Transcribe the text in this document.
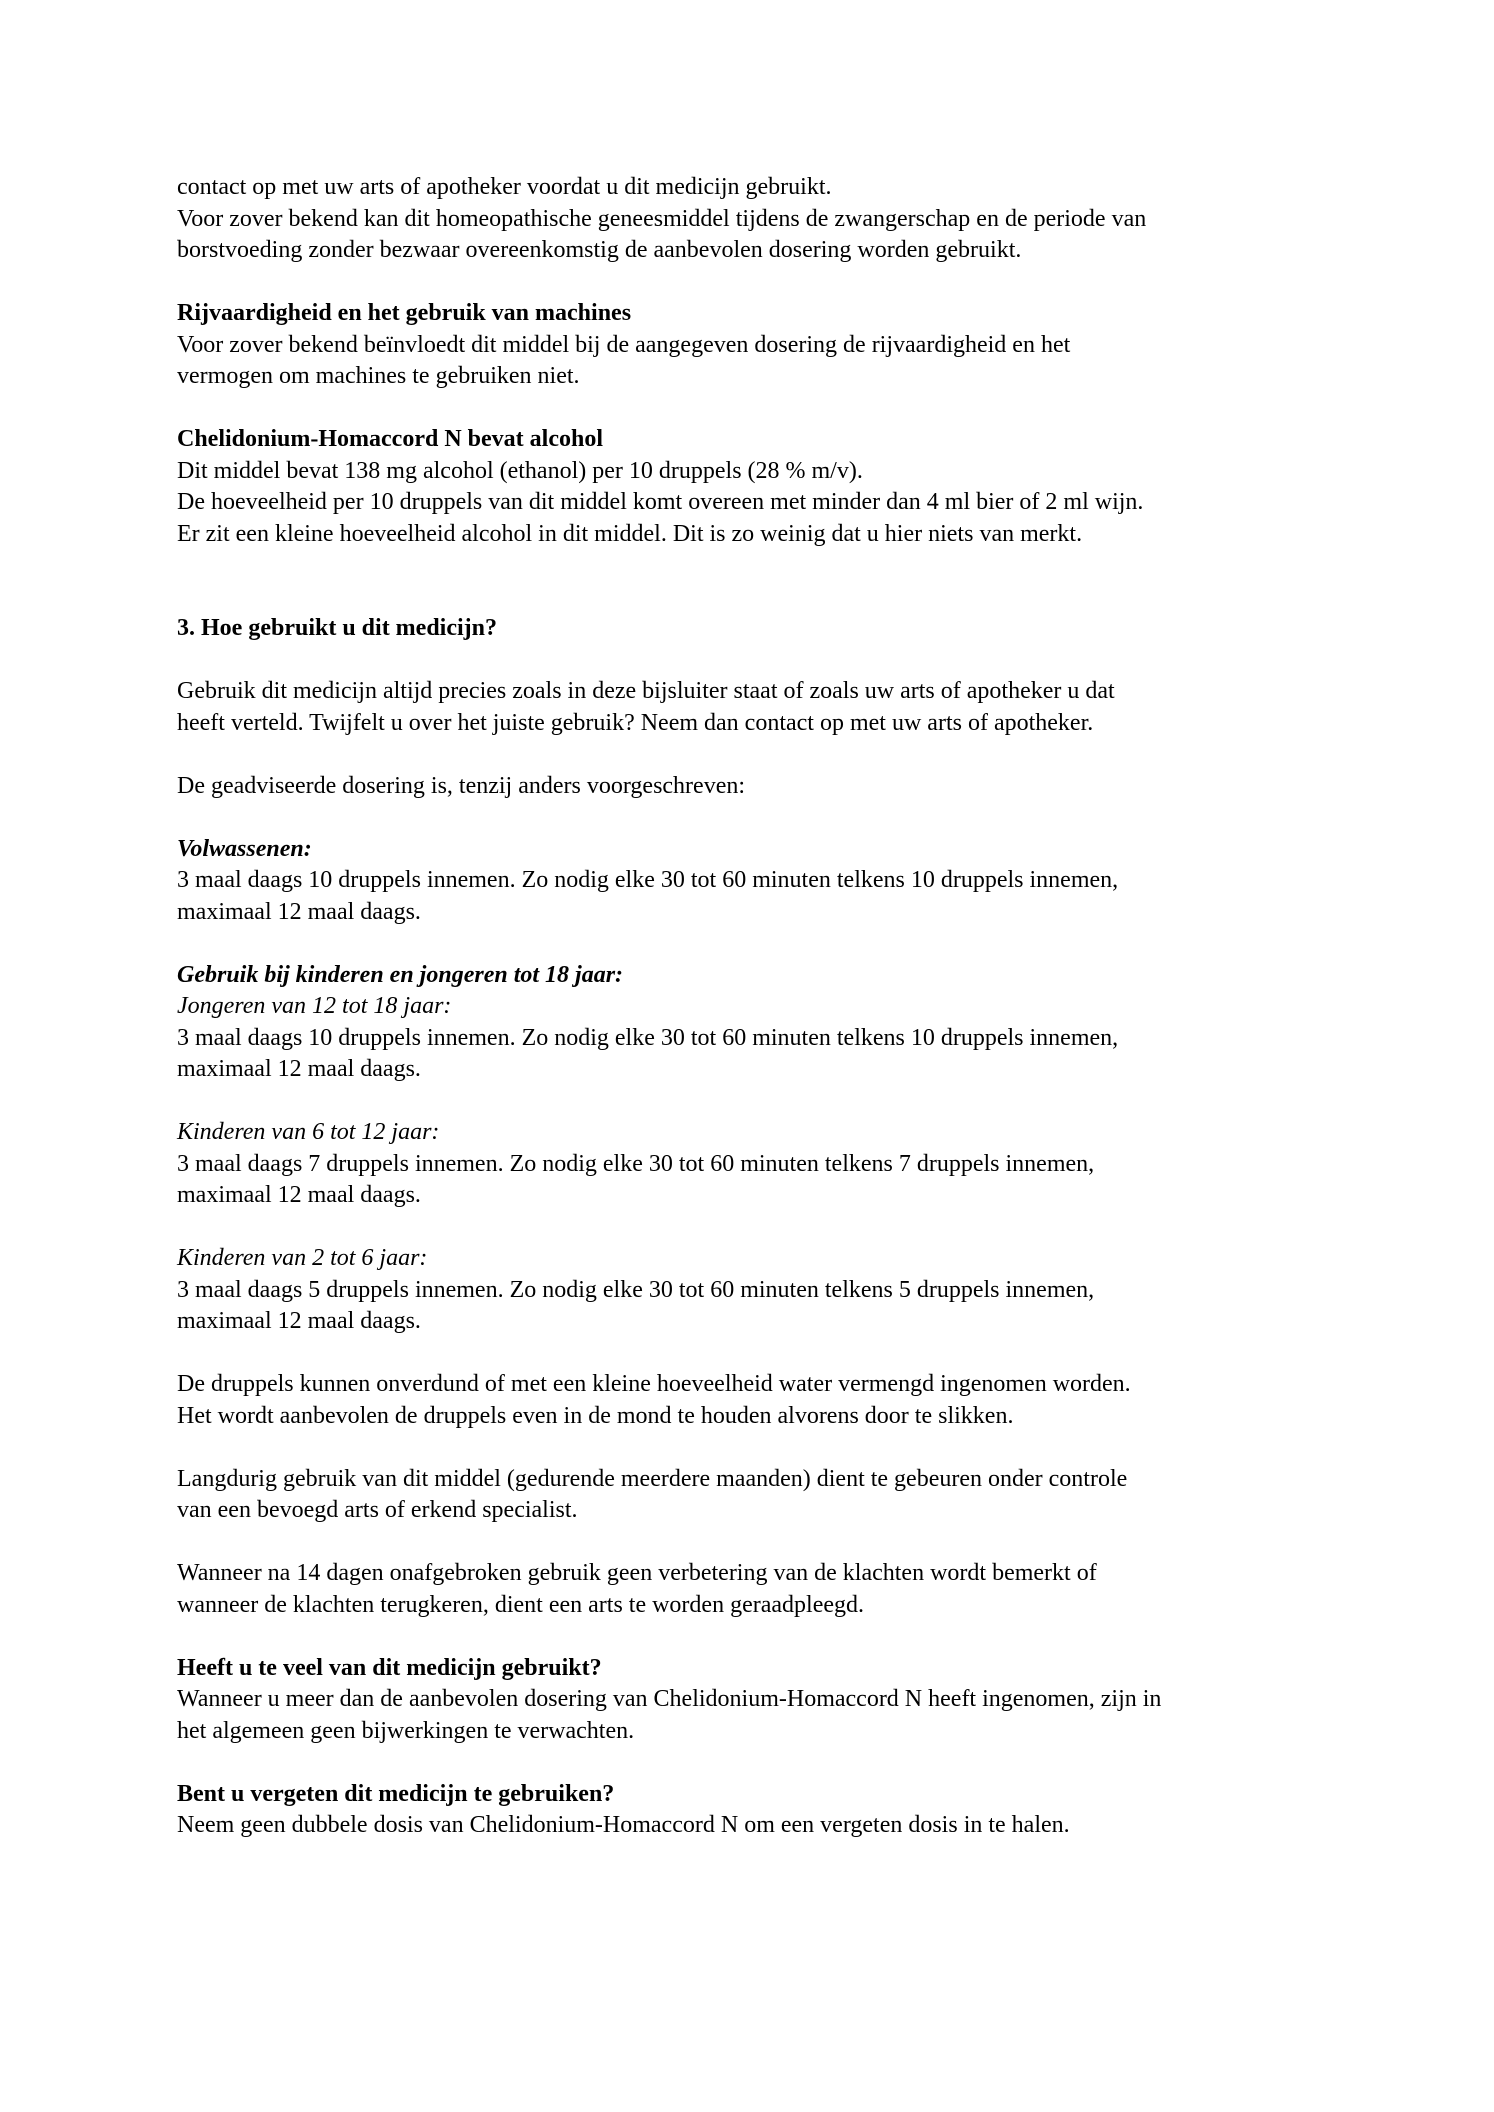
contact op met uw arts of apotheker voordat u dit medicijn gebruikt.
Voor zover bekend kan dit homeopathische geneesmiddel tijdens de zwangerschap en de periode van
borstvoeding zonder bezwaar overeenkomstig de aanbevolen dosering worden gebruikt.

Rijvaardigheid en het gebruik van machines

Voor zover bekend beïnvloedt dit middel bij de aangegeven dosering de rijvaardigheid en het
vermogen om machines te gebruiken niet.

Chelidonium-Homaccord N bevat alcohol

Dit middel bevat 138 mg alcohol (ethanol) per 10 druppels (28 % m/v).
De hoeveelheid per 10 druppels van dit middel komt overeen met minder dan 4 ml bier of 2 ml wijn.
Er zit een kleine hoeveelheid alcohol in dit middel. Dit is zo weinig dat u hier niets van merkt.

3. Hoe gebruikt u dit medicijn?

Gebruik dit medicijn altijd precies zoals in deze bijsluiter staat of zoals uw arts of apotheker u dat
heeft verteld. Twijfelt u over het juiste gebruik? Neem dan contact op met uw arts of apotheker.

De geadviseerde dosering is, tenzij anders voorgeschreven:

Volwassenen:

3 maal daags 10 druppels innemen. Zo nodig elke 30 tot 60 minuten telkens 10 druppels innemen,
maximaal 12 maal daags.

Gebruik bij kinderen en jongeren tot 18 jaar:

Jongeren van 12 tot 18 jaar:

3 maal daags 10 druppels innemen. Zo nodig elke 30 tot 60 minuten telkens 10 druppels innemen,
maximaal 12 maal daags.

Kinderen van 6 tot 12 jaar:

3 maal daags 7 druppels innemen. Zo nodig elke 30 tot 60 minuten telkens 7 druppels innemen,
maximaal 12 maal daags.

Kinderen van 2 tot 6 jaar:

3 maal daags 5 druppels innemen. Zo nodig elke 30 tot 60 minuten telkens 5 druppels innemen,
maximaal 12 maal daags.

De druppels kunnen onverdund of met een kleine hoeveelheid water vermengd ingenomen worden.
Het wordt aanbevolen de druppels even in de mond te houden alvorens door te slikken.

Langdurig gebruik van dit middel (gedurende meerdere maanden) dient te gebeuren onder controle
van een bevoegd arts of erkend specialist.

Wanneer na 14 dagen onafgebroken gebruik geen verbetering van de klachten wordt bemerkt of
wanneer de klachten terugkeren, dient een arts te worden geraadpleegd.

Heeft u te veel van dit medicijn gebruikt?

Wanneer u meer dan de aanbevolen dosering van Chelidonium-Homaccord N heeft ingenomen, zijn in
het algemeen geen bijwerkingen te verwachten.

Bent u vergeten dit medicijn te gebruiken?

Neem geen dubbele dosis van Chelidonium-Homaccord N om een vergeten dosis in te halen.
